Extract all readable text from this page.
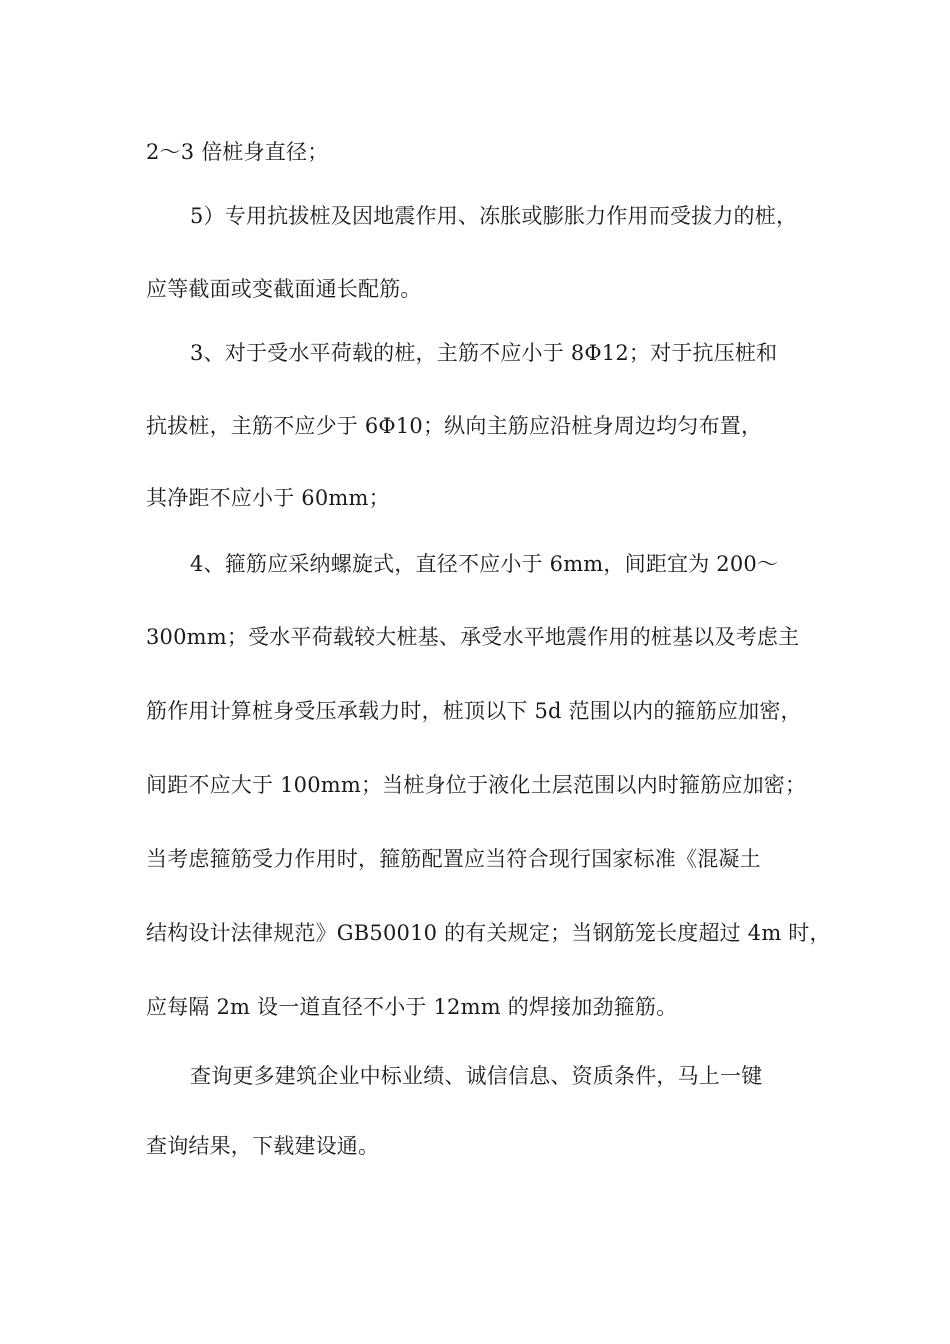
2～3 倍桩身直径；
5）专用抗拔桩及因地震作用、冻胀或膨胀力作用而受拔力的桩，
应等截面或变截面通长配筋。
3、对于受水平荷载的桩，主筋不应小于 8Φ12；对于抗压桩和
抗拔桩，主筋不应少于 6Φ10；纵向主筋应沿桩身周边均匀布置，
其净距不应小于 60mm；
4、箍筋应采纳螺旋式，直径不应小于 6mm，间距宜为 200～
300mm；受水平荷载较大桩基、承受水平地震作用的桩基以及考虑主
筋作用计算桩身受压承载力时，桩顶以下 5d 范围以内的箍筋应加密，
间距不应大于 100mm；当桩身位于液化土层范围以内时箍筋应加密；
当考虑箍筋受力作用时，箍筋配置应当符合现行国家标准《混凝土
结构设计法律规范》GB50010 的有关规定；当钢筋笼长度超过 4m 时，
应每隔 2m 设一道直径不小于 12mm 的焊接加劲箍筋。
查询更多建筑企业中标业绩、诚信信息、资质条件，马上一键
查询结果，下载建设通。
